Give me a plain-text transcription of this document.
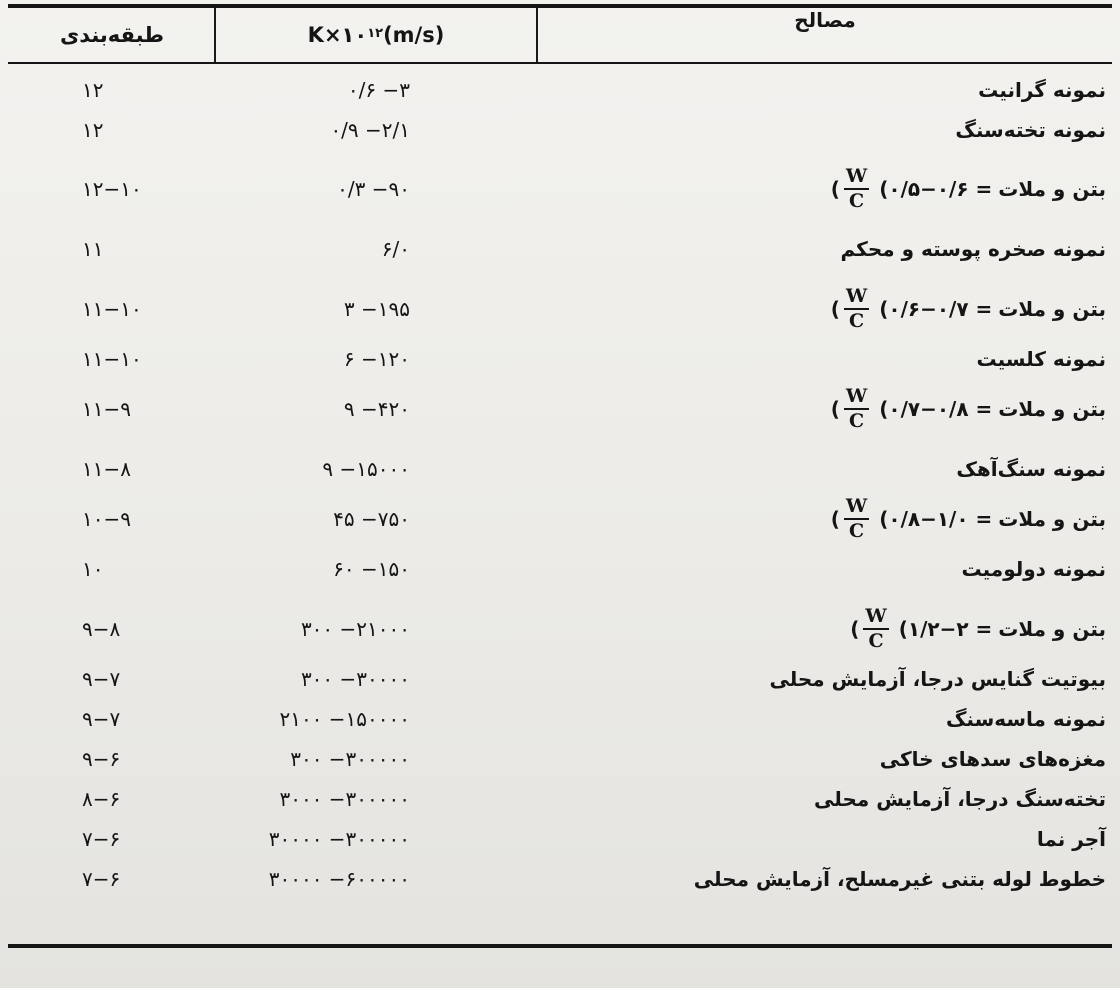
طبقه‌بندی	$K\times ۱۰^{۱۲}$ (m/s)
مصالح
۱۲	۰/۶ −۳	نمونه گرانیت
۱۲	۰/۹ −۲/۱	نمونه تخته‌سنگ
۱۲−۱۰	۰/۳ −۹۰	بتن و ملات
( $\frac{W}{C}$ = ۰/۵−۰/۶)
۱۱	۶/۰	نمونه صخره پوسته و محکم
۱۱−۱۰	۳ −۱۹۵	بتن و ملات
( $\frac{W}{C}$ = ۰/۶−۰/۷)
۱۱−۱۰	۶ −۱۲۰	نمونه کلسیت
۱۱−۹	۹ −۴۲۰	بتن و ملات
( $\frac{W}{C}$ = ۰/۷−۰/۸)
۱۱−۸	۹ −۱۵۰۰۰	نمونه سنگ‌آهک
۱۰−۹	۴۵ −۷۵۰	بتن و ملات
( $\frac{W}{C}$ = ۰/۸−۱/۰)
۱۰	۶۰ −۱۵۰	نمونه دولومیت
۹−۸	۳۰۰ −۲۱۰۰۰	بتن و ملات
( $\frac{W}{C}$ = ۱/۲−۲)
۹−۷	۳۰۰ −۳۰۰۰۰	بیوتیت گنایس درجا، آزمایش محلی
۹−۷	۲۱۰۰ −۱۵۰۰۰۰	نمونه ماسه‌سنگ
۹−۶	۳۰۰ −۳۰۰۰۰۰	مغزه‌های سدهای خاکی
۸−۶	۳۰۰۰ −۳۰۰۰۰۰	تخته‌سنگ درجا، آزمایش محلی
۷−۶	۳۰۰۰۰ −۳۰۰۰۰۰	آجر نما
۷−۶	۳۰۰۰۰ −۶۰۰۰۰۰	خطوط لوله بتنی غیرمسلح، آزمایش محلی
